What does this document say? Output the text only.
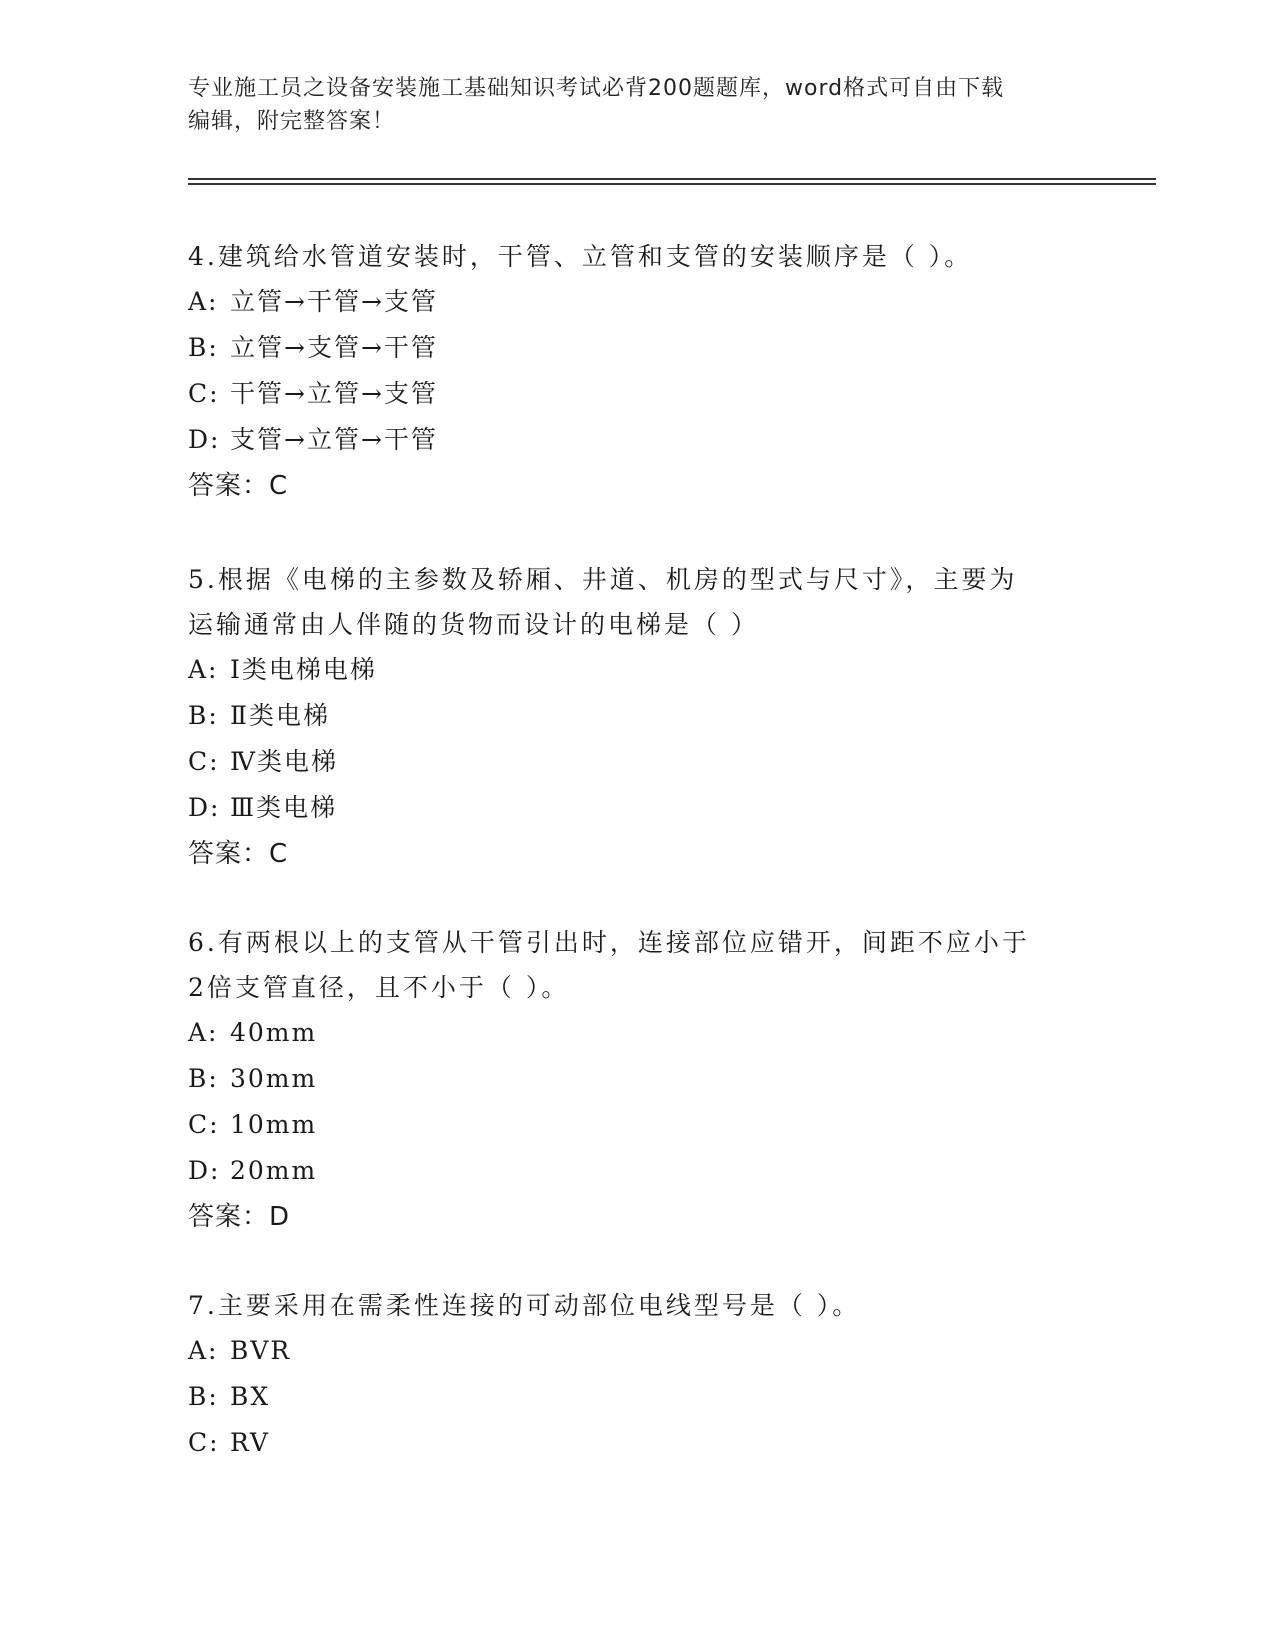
专业施工员之设备安装施工基础知识考试必背200题题库，word格式可自由下载
编辑，附完整答案！

4.建筑给水管道安装时，干管、立管和支管的安装顺序是（ ）。

A: 立管→干管→支管

B: 立管→支管→干管

C: 干管→立管→支管

D: 支管→立管→干管

答案：C

5.根据《电梯的主参数及轿厢、井道、机房的型式与尺寸》，主要为

运输通常由人伴随的货物而设计的电梯是（ ）

A: Ⅰ类电梯电梯

B: Ⅱ类电梯

C: Ⅳ类电梯

D: Ⅲ类电梯

答案：C

6.有两根以上的支管从干管引出时，连接部位应错开，间距不应小于

2倍支管直径，且不小于（ ）。

A: 40mm

B: 30mm

C: 10mm

D: 20mm

答案：D

7.主要采用在需柔性连接的可动部位电线型号是（ ）。

A: BVR

B: BX

C: RV
